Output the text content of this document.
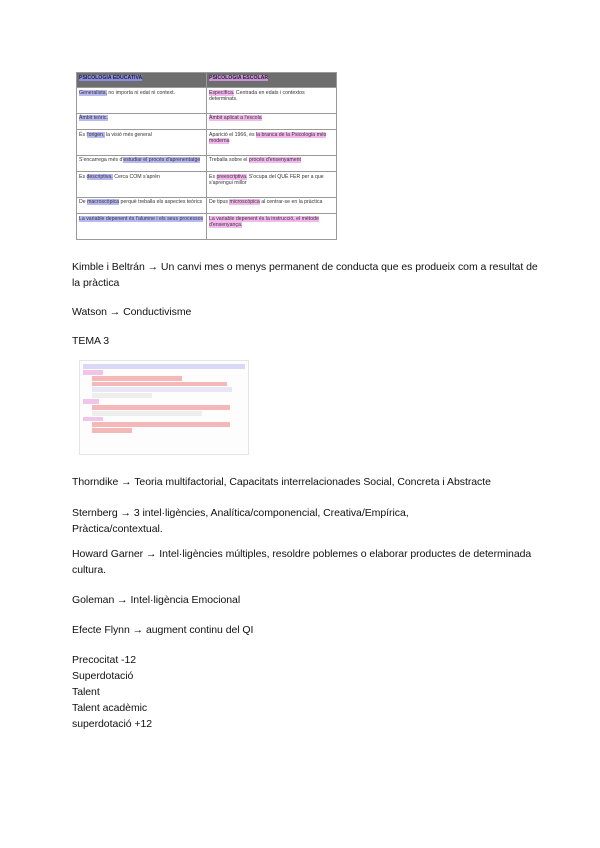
PSICOLOGIA EDUCATIVA	PSICOLOGIA ESCOLAR
Generalista, no importa ni edat ni context.	Específica. Centrada en edats i contextos determinats.
Àmbit teòric.	Àmbit aplicat a l'escola
És l'origen, la visió més general	Aparició el 1966, és la branca de la Psicologia més moderna
S'encarrega més d'estudiar el procés d'aprenentatge	Treballa sobre el procés d'ensenyament
Es descriptiva. Cerca COM s'aprèn	Es preescriptiva. S'ocupa del QUÈ FER per a que s'aprengui millor
De macroscòpica perquè treballa els aspectes teòrics	De tipus microscòpica al centrar-se en la pràctica
La variable depenent és l'alumne i els seus processos	La variable depenent és la instrucció, el mètode d'ensenyança.

Kimble i Beltrán → Un canvi mes o menys permanent de conducta que es produeix com a resultat de la pràctica

Watson → Conductivisme

TEMA 3

Thorndike → Teoria multifactorial, Capacitats interrelacionades Social, Concreta i Abstracte

Sternberg → 3 intel·ligències, Analítica/componencial, Creativa/Empírica, Pràctica/contextual.

Howard Garner → Intel·ligències múltiples, resoldre poblemes o elaborar productes de determinada cultura.

Goleman → Intel·ligència Emocional

Efecte Flynn → augment continu del QI

Precocitat -12
Superdotació
Talent
Talent acadèmic
superdotació +12
